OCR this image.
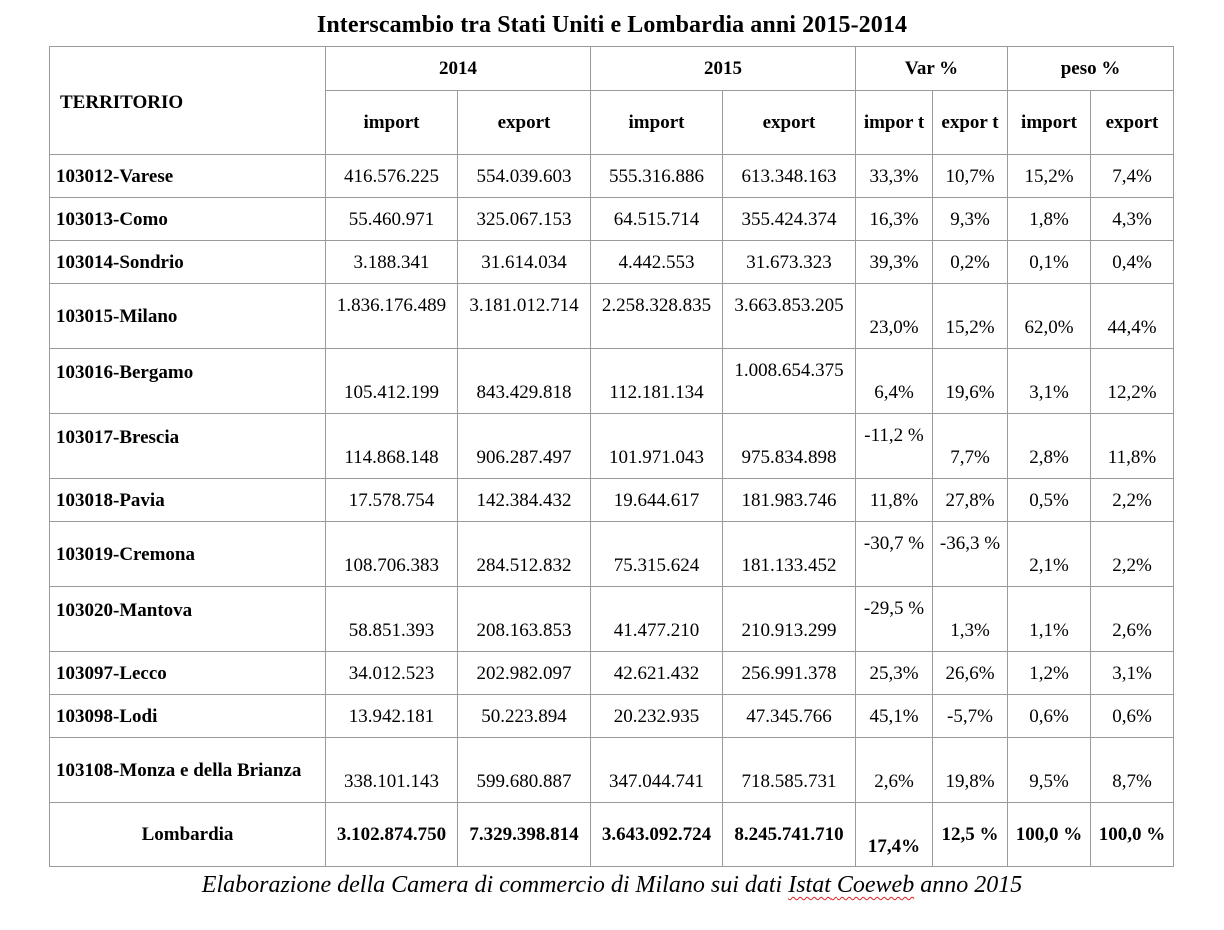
Interscambio tra Stati Uniti e Lombardia anni 2015-2014
TERRITORIO	2014		2015		Var %		peso %	
	import	export	import	export	impor t	expor t	import	export
103012-Varese	416.576.225	554.039.603	555.316.886	613.348.163	33,3%	10,7%	15,2%	7,4%
103013-Como	55.460.971	325.067.153	64.515.714	355.424.374	16,3%	9,3%	1,8%	4,3%
103014-Sondrio	3.188.341	31.614.034	4.442.553	31.673.323	39,3%	0,2%	0,1%	0,4%
103015-Milano	1.836.176.489	3.181.012.714	2.258.328.835	3.663.853.205	23,0%	15,2%	62,0%	44,4%
103016-Bergamo	105.412.199	843.429.818	112.181.134	1.008.654.375	6,4%	19,6%	3,1%	12,2%
103017-Brescia	114.868.148	906.287.497	101.971.043	975.834.898	-11,2 %	7,7%	2,8%	11,8%
103018-Pavia	17.578.754	142.384.432	19.644.617	181.983.746	11,8%	27,8%	0,5%	2,2%
103019-Cremona	108.706.383	284.512.832	75.315.624	181.133.452	-30,7 %	-36,3 %	2,1%	2,2%
103020-Mantova	58.851.393	208.163.853	41.477.210	210.913.299	-29,5 %	1,3%	1,1%	2,6%
103097-Lecco	34.012.523	202.982.097	42.621.432	256.991.378	25,3%	26,6%	1,2%	3,1%
103098-Lodi	13.942.181	50.223.894	20.232.935	47.345.766	45,1%	-5,7%	0,6%	0,6%
103108-Monza e della Brianza	338.101.143	599.680.887	347.044.741	718.585.731	2,6%	19,8%	9,5%	8,7%
Lombardia	3.102.874.750	7.329.398.814	3.643.092.724	8.245.741.710	17,4%	12,5 %	100,0 %	100,0 %
Elaborazione della Camera di commercio di Milano sui dati Istat Coeweb anno 2015
